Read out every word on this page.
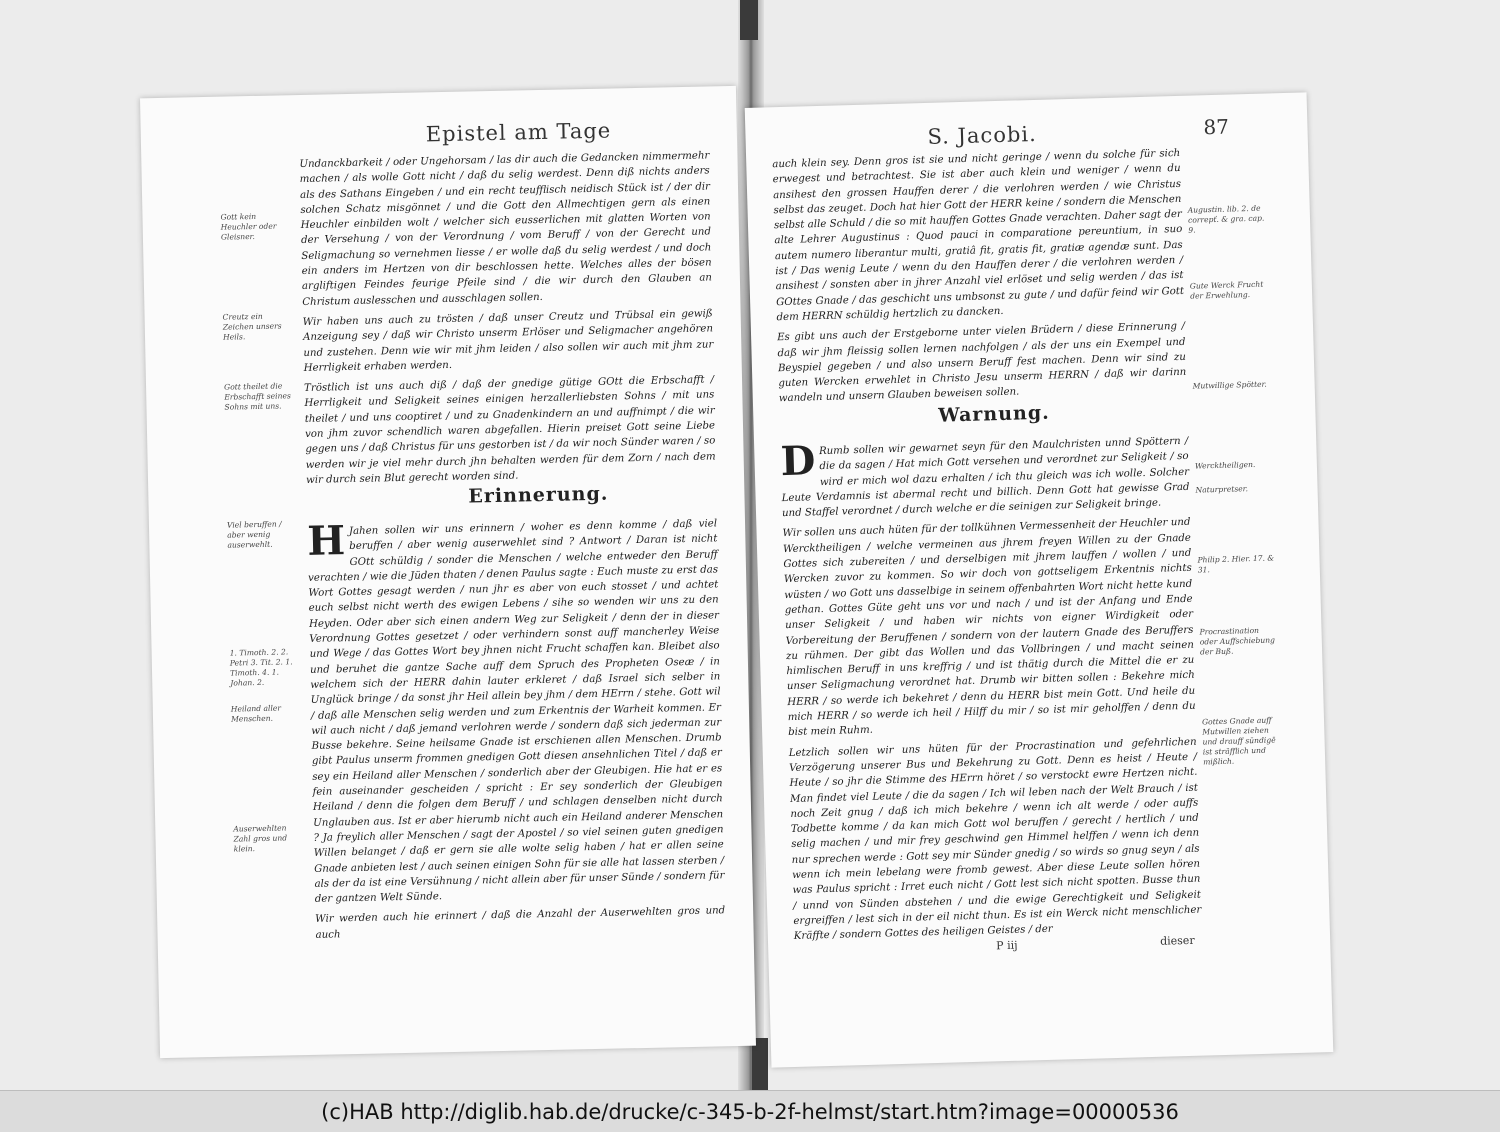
Epistel am Tage
Gott kein Heuchler oder Gleisner.
Creutz ein Zeichen unsers Heils.
Gott theilet die Erbschafft seines Sohns mit uns.
Viel beruffen / aber wenig auserwehlt.
1. Timoth. 2. 2. Petri 3. Tit. 2. 1. Timoth. 4. 1. Johan. 2.
Heiland aller Menschen.
Auserwehlten Zahl gros und klein.

Undanckbarkeit / oder Ungehorsam / las dir auch die Gedancken nimmermehr machen / als wolle Gott nicht / daß du selig werdest. Denn diß nichts anders als des Sathans Eingeben / und ein recht teufflisch neidisch Stück ist / der dir solchen Schatz misgönnet / und die Gott den Allmechtigen gern als einen Heuchler einbilden wolt / welcher sich eusserlichen mit glatten Worten von der Versehung / von der Verordnung / vom Beruff / von der Gerecht und Seligmachung so vernehmen liesse / er wolle daß du selig werdest / und doch ein anders im Hertzen von dir beschlossen hette. Welches alles der bösen argliftigen Feindes feurige Pfeile sind / die wir durch den Glauben an Christum auslesschen und ausschlagen sollen.

Wir haben uns auch zu trösten / daß unser Creutz und Trübsal ein gewiß Anzeigung sey / daß wir Christo unserm Erlöser und Seligmacher angehören und zustehen. Denn wie wir mit jhm leiden / also sollen wir auch mit jhm zur Herrligkeit erhaben werden.

Tröstlich ist uns auch diß / daß der gnedige gütige GOtt die Erbschafft / Herrligkeit und Seligkeit seines einigen herzallerliebsten Sohns / mit uns theilet / und uns cooptiret / und zu Gnadenkindern an und auffnimpt / die wir von jhm zuvor schendlich waren abgefallen. Hierin preiset Gott seine Liebe gegen uns / daß Christus für uns gestorben ist / da wir noch Sünder waren / so werden wir je viel mehr durch jhn behalten werden für dem Zorn / nach dem wir durch sein Blut gerecht worden sind.

Erinnerung.

H Jahen sollen wir uns erinnern / woher es denn komme / daß viel beruffen / aber wenig auserwehlet sind ? Antwort / Daran ist nicht GOtt schüldig / sonder die Menschen / welche entweder den Beruff verachten / wie die Jüden thaten / denen Paulus sagte : Euch muste zu erst das Wort Gottes gesagt werden / nun jhr es aber von euch stosset / und achtet euch selbst nicht werth des ewigen Lebens / sihe so wenden wir uns zu den Heyden. Oder aber sich einen andern Weg zur Seligkeit / denn der in dieser Verordnung Gottes gesetzet / oder verhindern sonst auff mancherley Weise und Wege / das Gottes Wort bey jhnen nicht Frucht schaffen kan. Bleibet also und beruhet die gantze Sache auff dem Spruch des Propheten Oseæ / in welchem sich der HERR dahin lauter erkleret / daß Israel sich selber in Unglück bringe / da sonst jhr Heil allein bey jhm / dem HErrn / stehe. Gott wil / daß alle Menschen selig werden und zum Erkentnis der Warheit kommen. Er wil auch nicht / daß jemand verlohren werde / sondern daß sich jederman zur Busse bekehre. Seine heilsame Gnade ist erschienen allen Menschen. Drumb gibt Paulus unserm frommen gnedigen Gott diesen ansehnlichen Titel / daß er sey ein Heiland aller Menschen / sonderlich aber der Gleubigen. Hie hat er es fein auseinander gescheiden / spricht : Er sey sonderlich der Gleubigen Heiland / denn die folgen dem Beruff / und schlagen denselben nicht durch Unglauben aus. Ist er aber hierumb nicht auch ein Heiland anderer Menschen ? Ja freylich aller Menschen / sagt der Apostel / so viel seinen guten gnedigen Willen belanget / daß er gern sie alle wolte selig haben / hat er allen seine Gnade anbieten lest / auch seinen einigen Sohn für sie alle hat lassen sterben / als der da ist eine Versühnung / nicht allein aber für unser Sünde / sondern für der gantzen Welt Sünde.

Wir werden auch hie erinnert / daß die Anzahl der Auserwehlten gros und auch

S. Jacobi.	87

auch klein sey. Denn gros ist sie und nicht geringe / wenn du solche für sich erwegest und betrachtest. Sie ist aber auch klein und weniger / wenn du ansihest den grossen Hauffen derer / die verlohren werden / wie Christus selbst das zeuget. Doch hat hier Gott der HERR keine / sondern die Menschen selbst alle Schuld / die so mit hauffen Gottes Gnade verachten. Daher sagt der alte Lehrer Augustinus : Quod pauci in comparatione pereuntium, in suo autem numero liberantur multi, gratiâ fit, gratis fit, gratiæ agendæ sunt. Das ist / Das wenig Leute / wenn du den Hauffen derer / die verlohren werden / ansihest / sonsten aber in jhrer Anzahl viel erlöset und selig werden / das ist GOttes Gnade / das geschicht uns umbsonst zu gute / und dafür feind wir Gott dem HERRN schüldig hertzlich zu dancken.

Es gibt uns auch der Erstgeborne unter vielen Brüdern / diese Erinnerung / daß wir jhm fleissig sollen lernen nachfolgen / als der uns ein Exempel und Beyspiel gegeben / und also unsern Beruff fest machen. Denn wir sind zu guten Wercken erwehlet in Christo Jesu unserm HERRN / daß wir darinn wandeln und unsern Glauben beweisen sollen.

Warnung.

D Rumb sollen wir gewarnet seyn für den Maulchristen unnd Spöttern / die da sagen / Hat mich Gott versehen und verordnet zur Seligkeit / so wird er mich wol dazu erhalten / ich thu gleich was ich wolle. Solcher Leute Verdamnis ist abermal recht und billich. Denn Gott hat gewisse Grad und Staffel verordnet / durch welche er die seinigen zur Seligkeit bringe.

Wir sollen uns auch hüten für der tollkühnen Vermessenheit der Heuchler und Wercktheiligen / welche vermeinen aus jhrem freyen Willen zu der Gnade Gottes sich zubereiten / und derselbigen mit jhrem lauffen / wollen / und Wercken zuvor zu kommen. So wir doch von gottseligem Erkentnis nichts wüsten / wo Gott uns dasselbige in seinem offenbahrten Wort nicht hette kund gethan. Gottes Güte geht uns vor und nach / und ist der Anfang und Ende unser Seligkeit / und haben wir nichts von eigner Wirdigkeit oder Vorbereitung der Beruffenen / sondern von der lautern Gnade des Beruffers zu rühmen. Der gibt das Wollen und das Vollbringen / und macht seinen himlischen Beruff in uns kreffrig / und ist thätig durch die Mittel die er zu unser Seligmachung verordnet hat. Drumb wir bitten sollen : Bekehre mich HERR / so werde ich bekehret / denn du HERR bist mein Gott. Und heile du mich HERR / so werde ich heil / Hilff du mir / so ist mir geholffen / denn du bist mein Ruhm.

Letzlich sollen wir uns hüten für der Procrastination und gefehrlichen Verzögerung unserer Bus und Bekehrung zu Gott. Denn es heist / Heute / Heute / so jhr die Stimme des HErrn höret / so verstockt ewre Hertzen nicht. Man findet viel Leute / die da sagen / Ich wil leben nach der Welt Brauch / ist noch Zeit gnug / daß ich mich bekehre / wenn ich alt werde / oder auffs Todbette komme / da kan mich Gott wol beruffen / gerecht / hertlich / und selig machen / und mir frey geschwind gen Himmel helffen / wenn ich denn nur sprechen werde : Gott sey mir Sünder gnedig / so wirds so gnug seyn / als wenn ich mein lebelang were fromb gewest. Aber diese Leute sollen hören was Paulus spricht : Irret euch nicht / Gott lest sich nicht spotten. Busse thun / unnd von Sünden abstehen / und die ewige Gerechtigkeit und Seligkeit ergreiffen / lest sich in der eil nicht thun. Es ist ein Werck nicht menschlicher Kräffte / sondern Gottes des heiligen Geistes / der

Augustin. lib. 2. de correpť. & gra. cap. 9.
Gute Werck Frucht der Erwehlung.
Mutwillige Spötter.
Wercktheiligen.
Naturpretser.
Philip 2. Hier. 17. & 31.
Procrastination oder Auffschiebung der Buß.
Gottes Gnade auff Mutwillen ziehen und drauff sündigē ist sträfflich und mißlich.
P iij	dieser
(c)HAB http://diglib.hab.de/drucke/c-345-b-2f-helmst/start.htm?image=00000536
